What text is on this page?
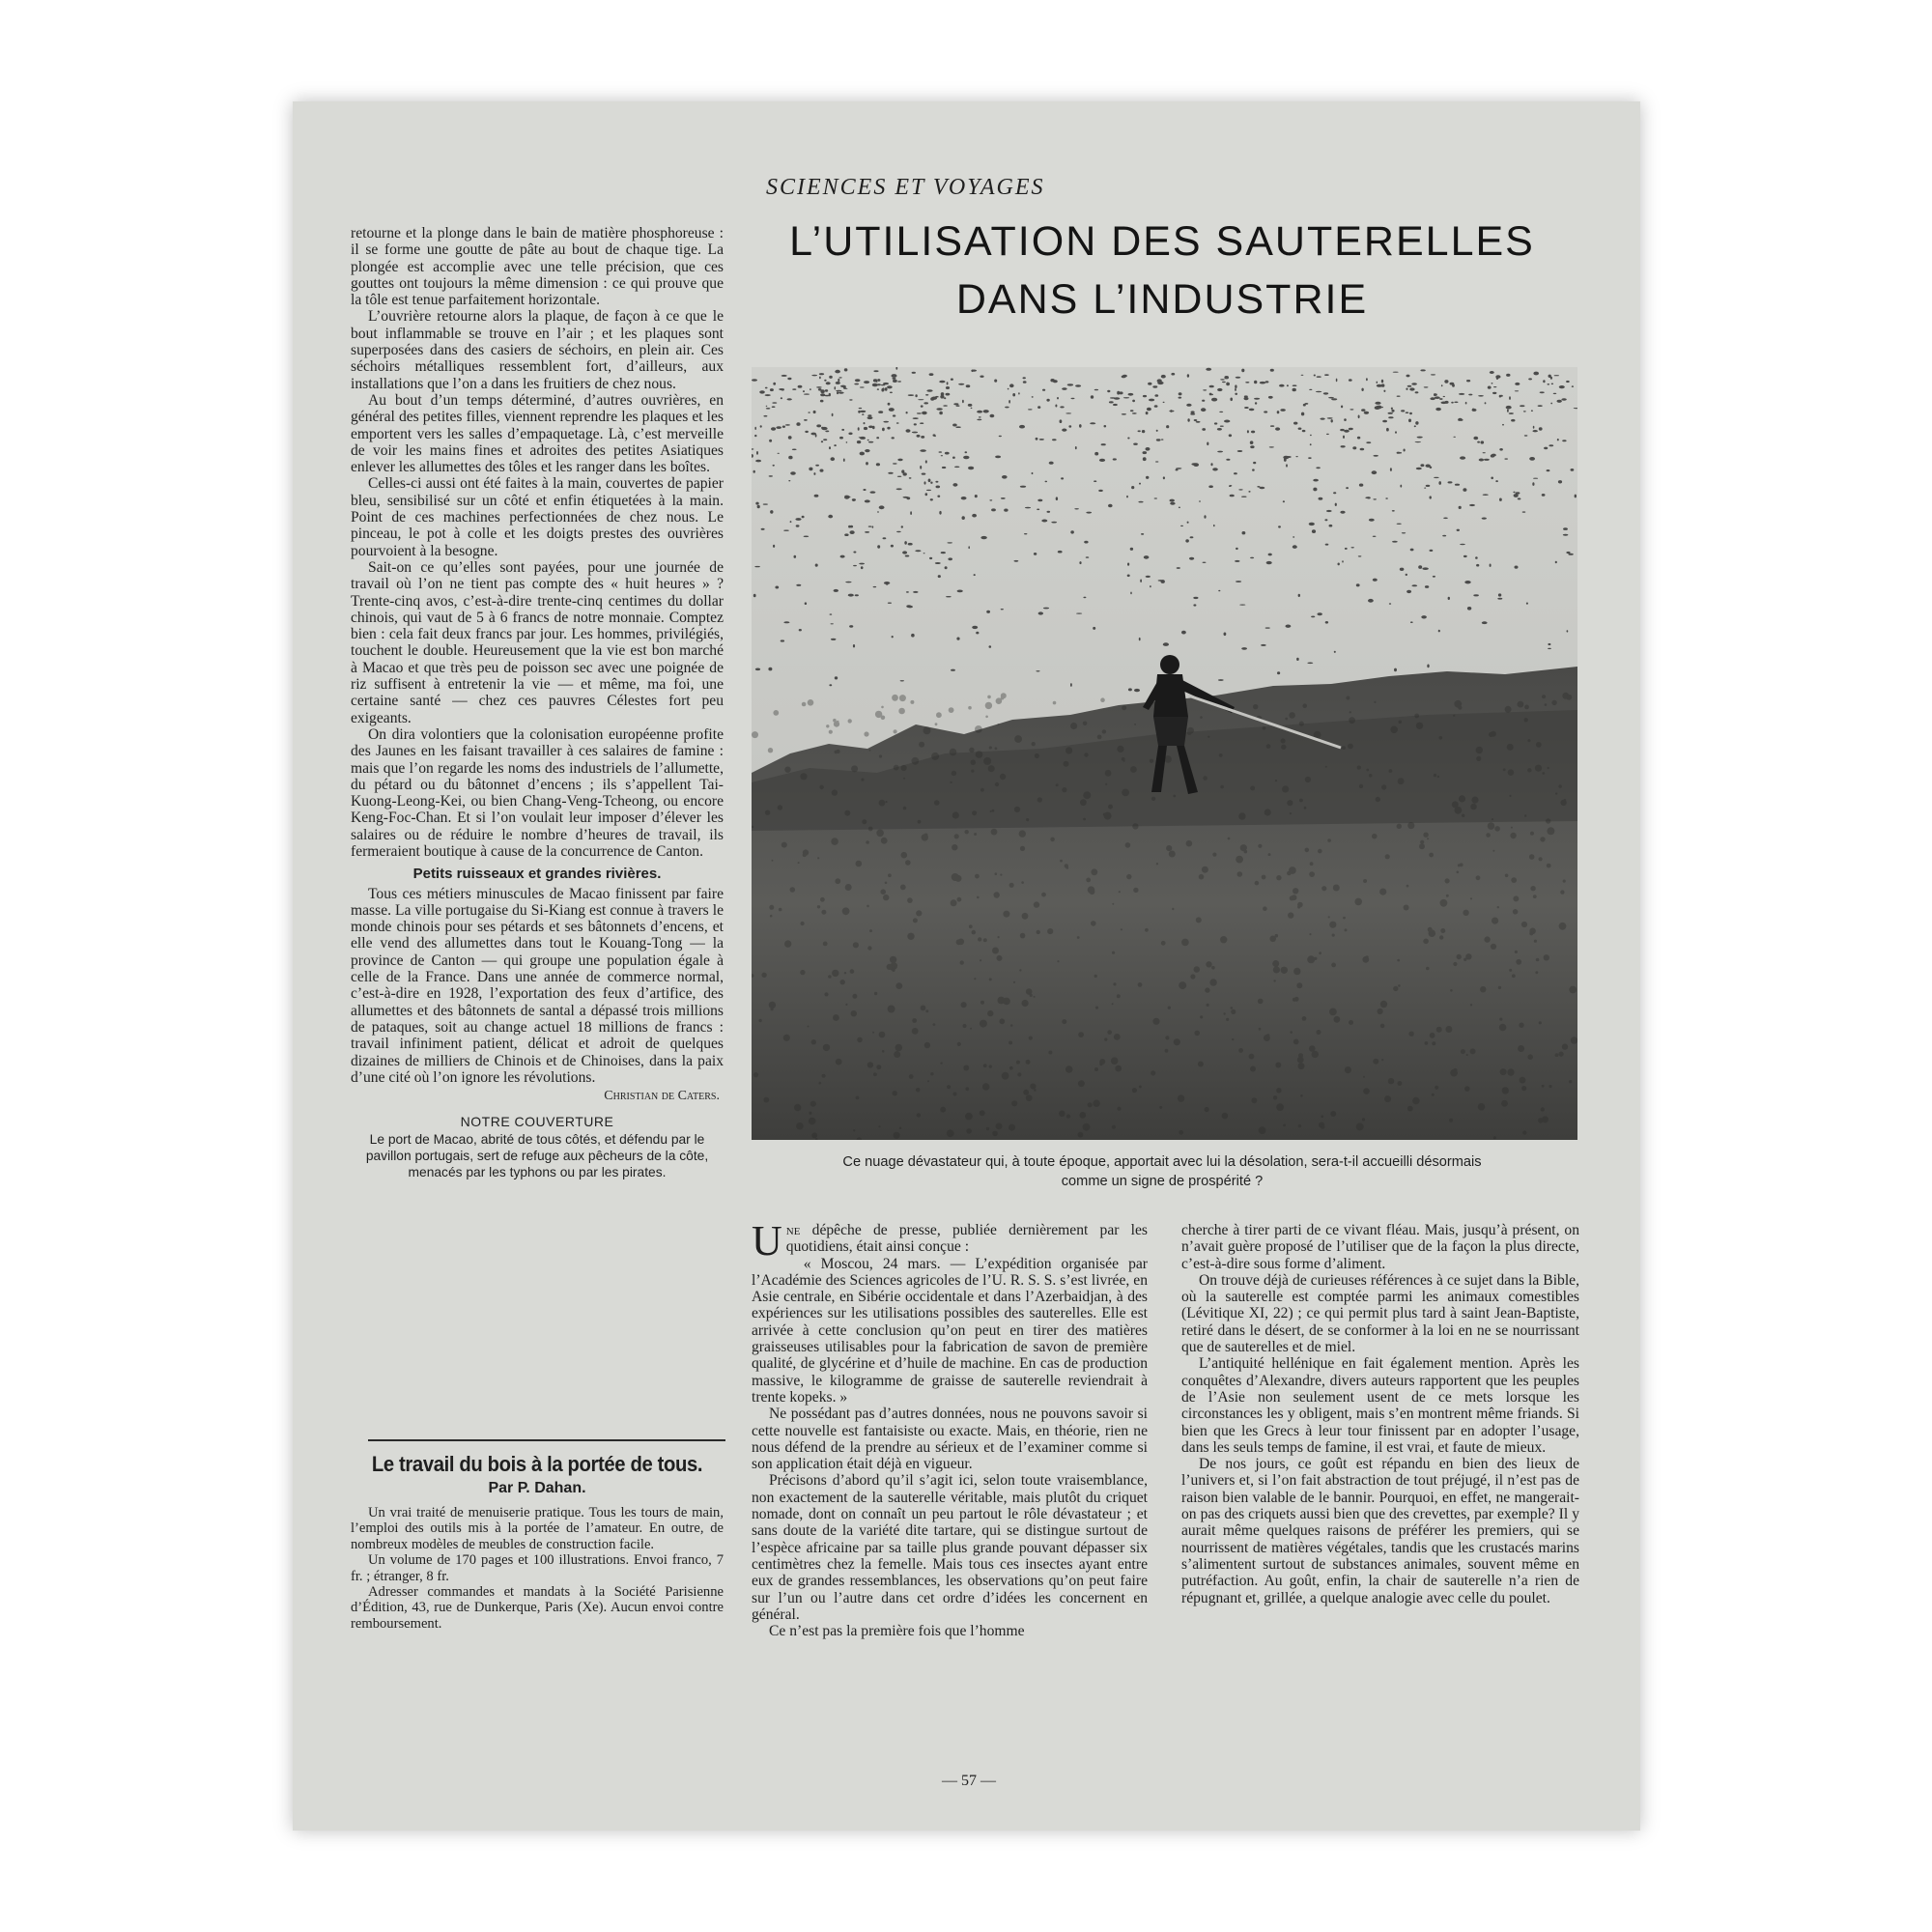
retourne et la plonge dans le bain de matière phosphoreuse : il se forme une goutte de pâte au bout de chaque tige. La plongée est accomplie avec une telle précision, que ces gouttes ont toujours la même dimension : ce qui prouve que la tôle est tenue parfaitement horizontale.

L’ouvrière retourne alors la plaque, de façon à ce que le bout inflammable se trouve en l’air ; et les plaques sont superposées dans des casiers de séchoirs, en plein air. Ces séchoirs métalliques ressemblent fort, d’ailleurs, aux installations que l’on a dans les fruitiers de chez nous.

Au bout d’un temps déterminé, d’autres ouvrières, en général des petites filles, viennent reprendre les plaques et les emportent vers les salles d’empaquetage. Là, c’est merveille de voir les mains fines et adroites des petites Asiatiques enlever les allumettes des tôles et les ranger dans les boîtes.

Celles-ci aussi ont été faites à la main, couvertes de papier bleu, sensibilisé sur un côté et enfin étiquetées à la main. Point de ces machines perfectionnées de chez nous. Le pinceau, le pot à colle et les doigts prestes des ouvrières pourvoient à la besogne.

Sait-on ce qu’elles sont payées, pour une journée de travail où l’on ne tient pas compte des « huit heures » ? Trente-cinq avos, c’est-à-dire trente-cinq centimes du dollar chinois, qui vaut de 5 à 6 francs de notre monnaie. Comptez bien : cela fait deux francs par jour. Les hommes, privilégiés, touchent le double. Heureusement que la vie est bon marché à Macao et que très peu de poisson sec avec une poignée de riz suffisent à entretenir la vie — et même, ma foi, une certaine santé — chez ces pauvres Célestes fort peu exigeants.

On dira volontiers que la colonisation européenne profite des Jaunes en les faisant travailler à ces salaires de famine : mais que l’on regarde les noms des industriels de l’allumette, du pétard ou du bâtonnet d’encens ; ils s’appellent Tai-Kuong-Leong-Kei, ou bien Chang-Veng-Tcheong, ou encore Keng-Foc-Chan. Et si l’on voulait leur imposer d’élever les salaires ou de réduire le nombre d’heures de travail, ils fermeraient boutique à cause de la concurrence de Canton.

Petits ruisseaux et grandes rivières.

Tous ces métiers minuscules de Macao finissent par faire masse. La ville portugaise du Si-Kiang est connue à travers le monde chinois pour ses pétards et ses bâtonnets d’encens, et elle vend des allumettes dans tout le Kouang-Tong — la province de Canton — qui groupe une population égale à celle de la France. Dans une année de commerce normal, c’est-à-dire en 1928, l’exportation des feux d’artifice, des allumettes et des bâtonnets de santal a dépassé trois millions de pataques, soit au change actuel 18 millions de francs : travail infiniment patient, délicat et adroit de quelques dizaines de milliers de Chinois et de Chinoises, dans la paix d’une cité où l’on ignore les révolutions.

Christian de Caters.
NOTRE COUVERTURE
Le port de Macao, abrité de tous côtés, et défendu par le pavillon portugais, sert de refuge aux pêcheurs de la côte, menacés par les typhons ou par les pirates.
Le travail du bois à la portée de tous.
Par P. Dahan.

Un vrai traité de menuiserie pratique. Tous les tours de main, l’emploi des outils mis à la portée de l’amateur. En outre, de nombreux modèles de meubles de construction facile.

Un volume de 170 pages et 100 illustrations. Envoi franco, 7 fr. ; étranger, 8 fr.

Adresser commandes et mandats à la Société Parisienne d’Édition, 43, rue de Dunkerque, Paris (Xe). Aucun envoi contre remboursement.

SCIENCES ET VOYAGES
L’UTILISATION DES SAUTERELLES
DANS L’INDUSTRIE
Ce nuage dévastateur qui, à toute époque, apportait avec lui la désolation, sera-t-il accueilli désormais
comme un signe de prospérité ?

Une dépêche de presse, publiée dernièrement par les quotidiens, était ainsi conçue :

« Moscou, 24 mars. — L’expédition organisée par l’Académie des Sciences agricoles de l’U. R. S. S. s’est livrée, en Asie centrale, en Sibérie occidentale et dans l’Azerbaidjan, à des expériences sur les utilisations possibles des sauterelles. Elle est arrivée à cette conclusion qu’on peut en tirer des matières graisseuses utilisables pour la fabrication de savon de première qualité, de glycérine et d’huile de machine. En cas de production massive, le kilogramme de graisse de sauterelle reviendrait à trente kopeks. »

Ne possédant pas d’autres données, nous ne pouvons savoir si cette nouvelle est fantaisiste ou exacte. Mais, en théorie, rien ne nous défend de la prendre au sérieux et de l’examiner comme si son application était déjà en vigueur.

Précisons d’abord qu’il s’agit ici, selon toute vraisemblance, non exactement de la sauterelle véritable, mais plutôt du criquet nomade, dont on connaît un peu partout le rôle dévastateur ; et sans doute de la variété dite tartare, qui se distingue surtout de l’espèce africaine par sa taille plus grande pouvant dépasser six centimètres chez la femelle. Mais tous ces insectes ayant entre eux de grandes ressemblances, les observations qu’on peut faire sur l’un ou l’autre dans cet ordre d’idées les concernent en général.

Ce n’est pas la première fois que l’homme

cherche à tirer parti de ce vivant fléau. Mais, jusqu’à présent, on n’avait guère proposé de l’utiliser que de la façon la plus directe, c’est-à-dire sous forme d’aliment.

On trouve déjà de curieuses références à ce sujet dans la Bible, où la sauterelle est comptée parmi les animaux comestibles (Lévitique XI, 22) ; ce qui permit plus tard à saint Jean-Baptiste, retiré dans le désert, de se conformer à la loi en ne se nourrissant que de sauterelles et de miel.

L’antiquité hellénique en fait également mention. Après les conquêtes d’Alexandre, divers auteurs rapportent que les peuples de l’Asie non seulement usent de ce mets lorsque les circonstances les y obligent, mais s’en montrent même friands. Si bien que les Grecs à leur tour finissent par en adopter l’usage, dans les seuls temps de famine, il est vrai, et faute de mieux.

De nos jours, ce goût est répandu en bien des lieux de l’univers et, si l’on fait abstraction de tout préjugé, il n’est pas de raison bien valable de le bannir. Pourquoi, en effet, ne mangerait-on pas des criquets aussi bien que des crevettes, par exemple? Il y aurait même quelques raisons de préférer les premiers, qui se nourrissent de matières végétales, tandis que les crustacés marins s’alimentent surtout de substances animales, souvent même en putréfaction. Au goût, enfin, la chair de sauterelle n’a rien de répugnant et, grillée, a quelque analogie avec celle du poulet.

— 57 —
